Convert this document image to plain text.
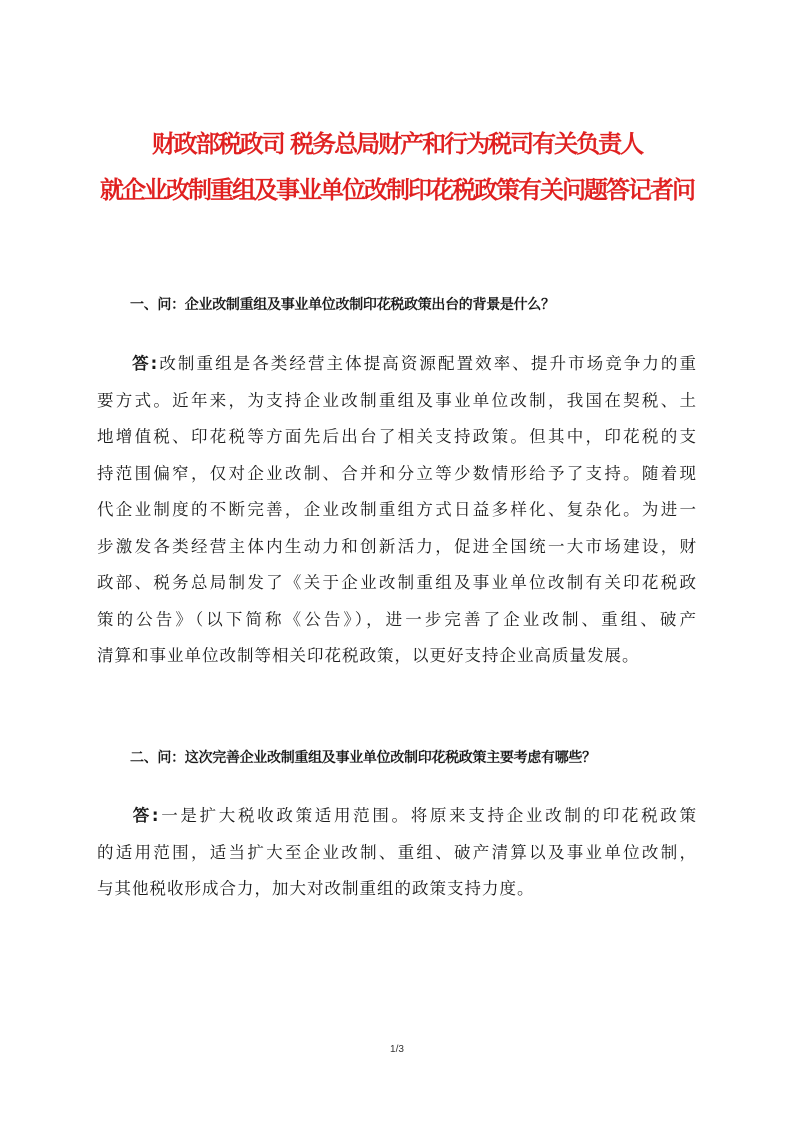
财政部税政司 税务总局财产和行为税司有关负责人
就企业改制重组及事业单位改制印花税政策有关问题答记者问
一、问：企业改制重组及事业单位改制印花税政策出台的背景是什么？
答:改制重组是各类经营主体提高资源配置效率、提升市场竞争力的重
要方式。近年来，为支持企业改制重组及事业单位改制，我国在契税、土
地增值税、印花税等方面先后出台了相关支持政策。但其中，印花税的支
持范围偏窄，仅对企业改制、合并和分立等少数情形给予了支持。随着现
代企业制度的不断完善，企业改制重组方式日益多样化、复杂化。为进一
步激发各类经营主体内生动力和创新活力，促进全国统一大市场建设，财
政部、税务总局制发了《关于企业改制重组及事业单位改制有关印花税政
策的公告》（以下简称《公告》），进一步完善了企业改制、重组、破产
清算和事业单位改制等相关印花税政策，以更好支持企业高质量发展。
二、问：这次完善企业改制重组及事业单位改制印花税政策主要考虑有哪些？
答:一是扩大税收政策适用范围。将原来支持企业改制的印花税政策
的适用范围，适当扩大至企业改制、重组、破产清算以及事业单位改制，
与其他税收形成合力，加大对改制重组的政策支持力度。
1/3
